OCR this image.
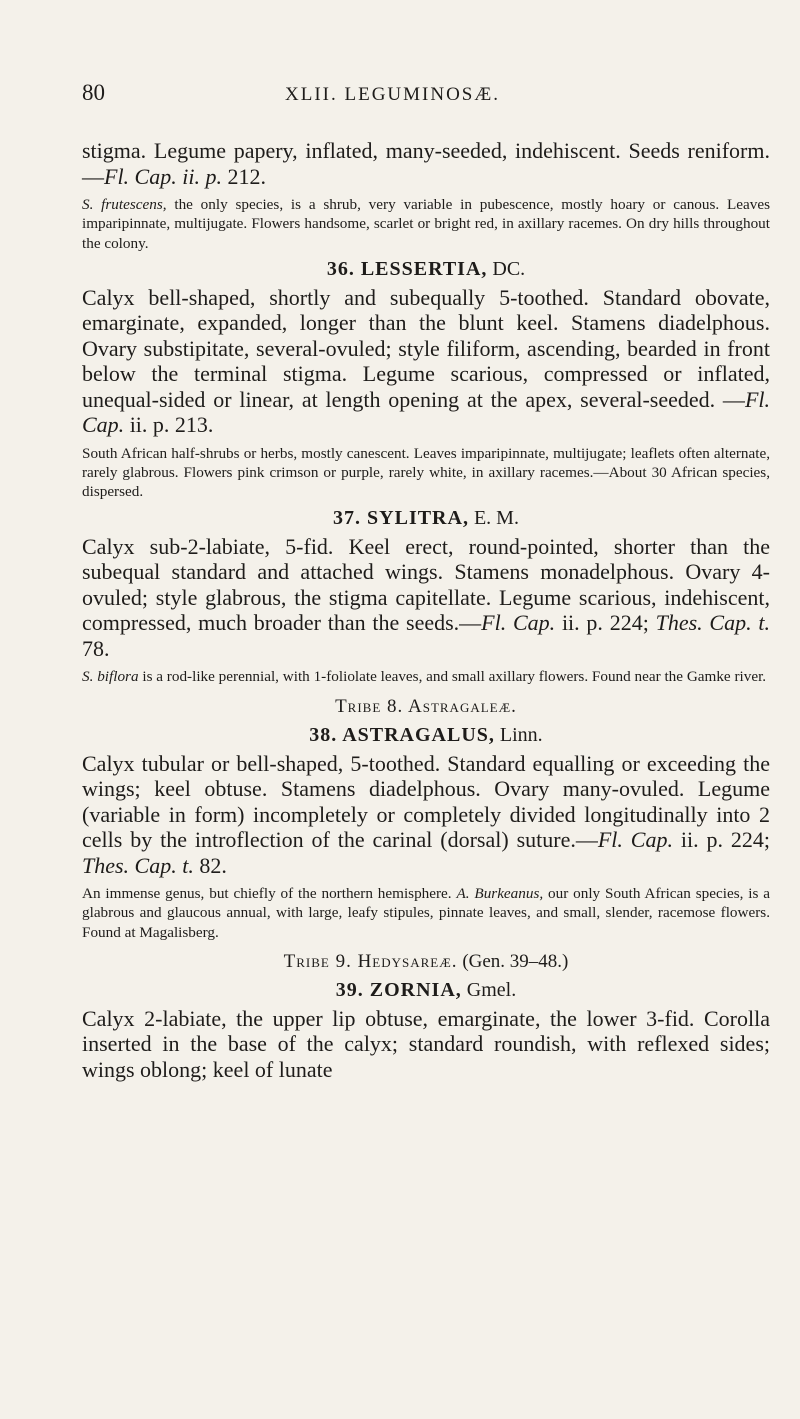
80	XLII. LEGUMINOSÆ.

stigma. Legume papery, inflated, many-seeded, indehiscent. Seeds reniform.—Fl. Cap. ii. p. 212.

S. frutescens, the only species, is a shrub, very variable in pubescence, mostly hoary or canous. Leaves imparipinnate, multijugate. Flowers handsome, scarlet or bright red, in axillary racemes. On dry hills throughout the colony.

36. LESSERTIA, DC.

Calyx bell-shaped, shortly and subequally 5-toothed. Standard obovate, emarginate, expanded, longer than the blunt keel. Stamens diadelphous. Ovary substipitate, several-ovuled; style filiform, ascending, bearded in front below the terminal stigma. Legume scarious, compressed or inflated, unequal-sided or linear, at length opening at the apex, several-seeded. —Fl. Cap. ii. p. 213.

South African half-shrubs or herbs, mostly canescent. Leaves imparipinnate, multijugate; leaflets often alternate, rarely glabrous. Flowers pink crimson or purple, rarely white, in axillary racemes.—About 30 African species, dispersed.

37. SYLITRA, E. M.

Calyx sub-2-labiate, 5-fid. Keel erect, round-pointed, shorter than the subequal standard and attached wings. Stamens monadelphous. Ovary 4-ovuled; style glabrous, the stigma capitellate. Legume scarious, indehiscent, compressed, much broader than the seeds.—Fl. Cap. ii. p. 224; Thes. Cap. t. 78.

S. biflora is a rod-like perennial, with 1-foliolate leaves, and small axillary flowers. Found near the Gamke river.

Tribe 8. Astragaleæ.

38. ASTRAGALUS, Linn.

Calyx tubular or bell-shaped, 5-toothed. Standard equalling or exceeding the wings; keel obtuse. Stamens diadelphous. Ovary many-ovuled. Legume (variable in form) incompletely or completely divided longitudinally into 2 cells by the introflection of the carinal (dorsal) suture.—Fl. Cap. ii. p. 224; Thes. Cap. t. 82.

An immense genus, but chiefly of the northern hemisphere. A. Burkeanus, our only South African species, is a glabrous and glaucous annual, with large, leafy stipules, pinnate leaves, and small, slender, racemose flowers. Found at Magalisberg.

Tribe 9. Hedysareæ. (Gen. 39–48.)

39. ZORNIA, Gmel.

Calyx 2-labiate, the upper lip obtuse, emarginate, the lower 3-fid. Corolla inserted in the base of the calyx; standard roundish, with reflexed sides; wings oblong; keel of lunate
